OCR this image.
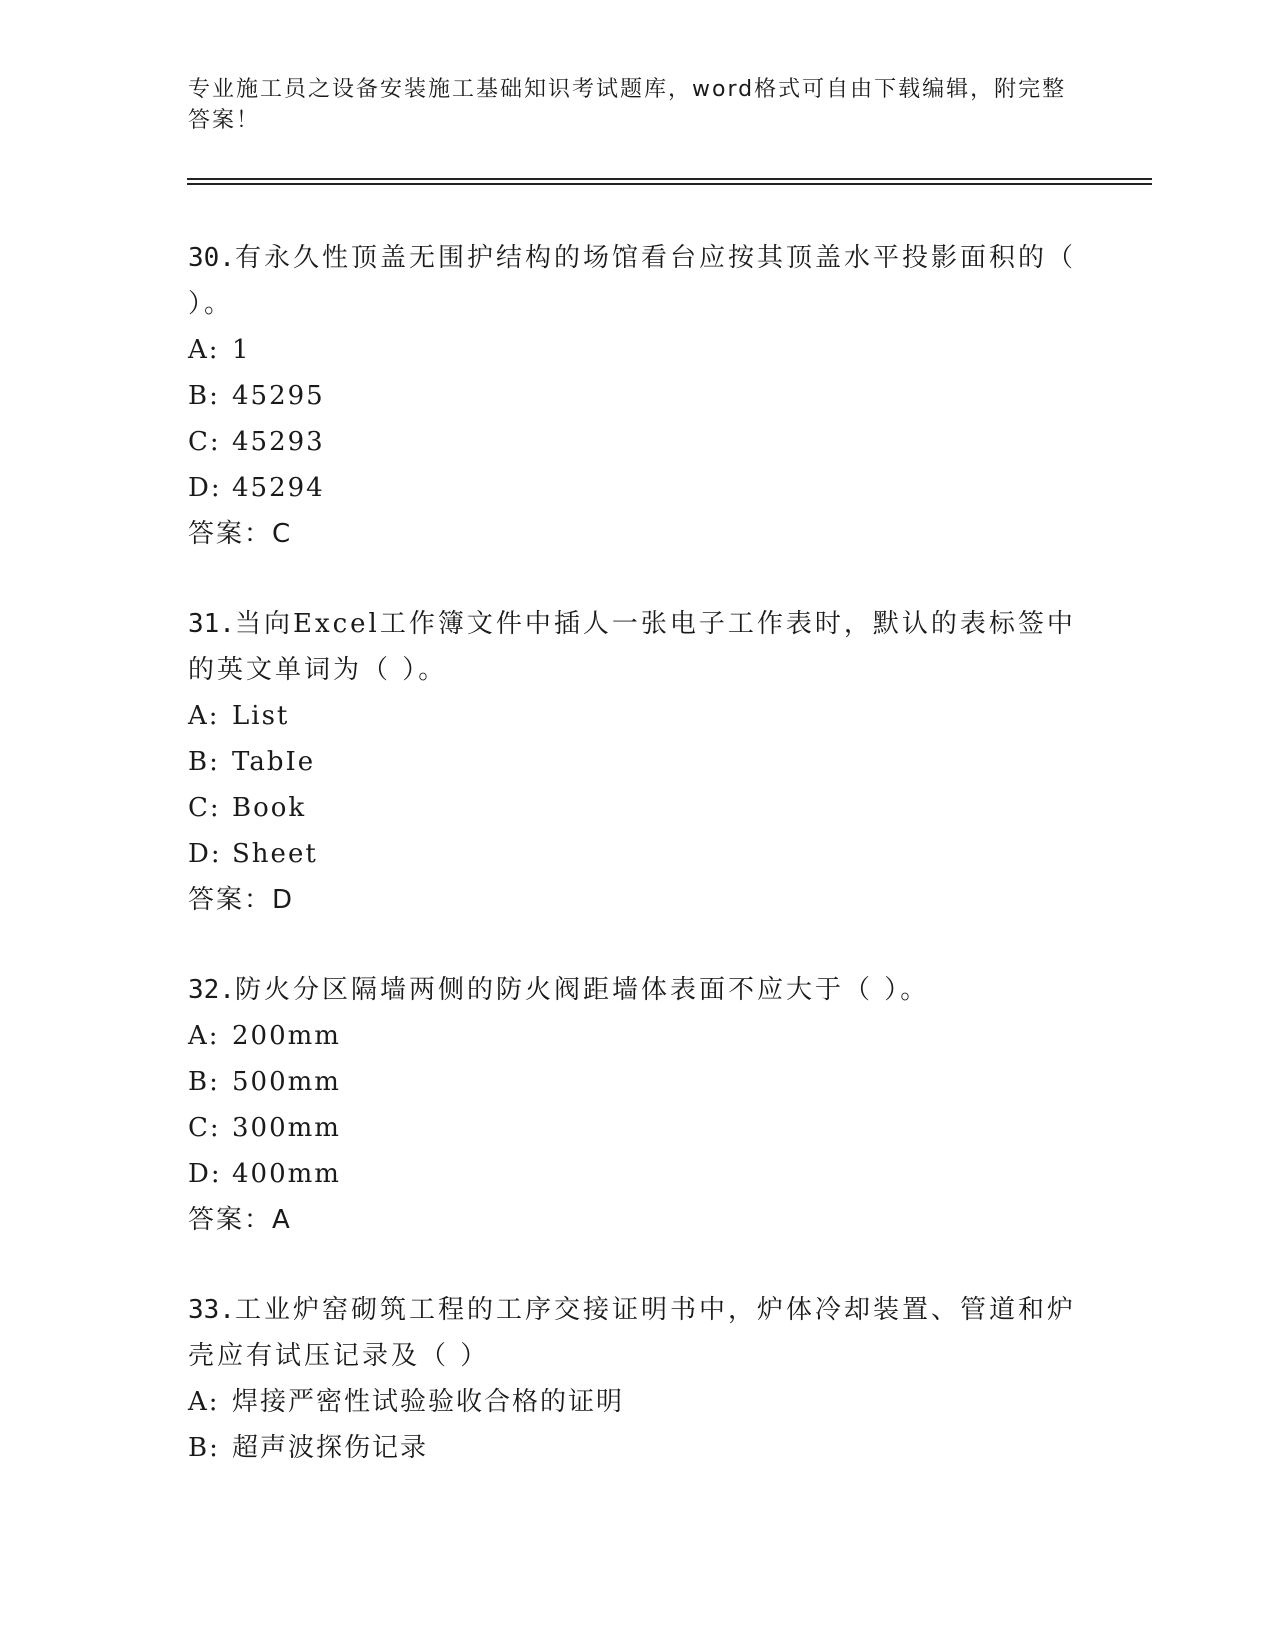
专业施工员之设备安装施工基础知识考试题库，word格式可自由下载编辑，附完整答案！
30.有永久性顶盖无围护结构的场馆看台应按其顶盖水平投影面积的（ ）。
A: 1
B: 45295
C: 45293
D: 45294
答案：C
31.当向Excel工作簿文件中插人一张电子工作表时，默认的表标签中的英文单词为（ ）。
A: List
B: TabIe
C: Book
D: Sheet
答案：D
32.防火分区隔墙两侧的防火阀距墙体表面不应大于（ ）。
A: 200mm
B: 500mm
C: 300mm
D: 400mm
答案：A
33.工业炉窑砌筑工程的工序交接证明书中，炉体冷却装置、管道和炉壳应有试压记录及（ ）
A: 焊接严密性试验验收合格的证明
B: 超声波探伤记录
